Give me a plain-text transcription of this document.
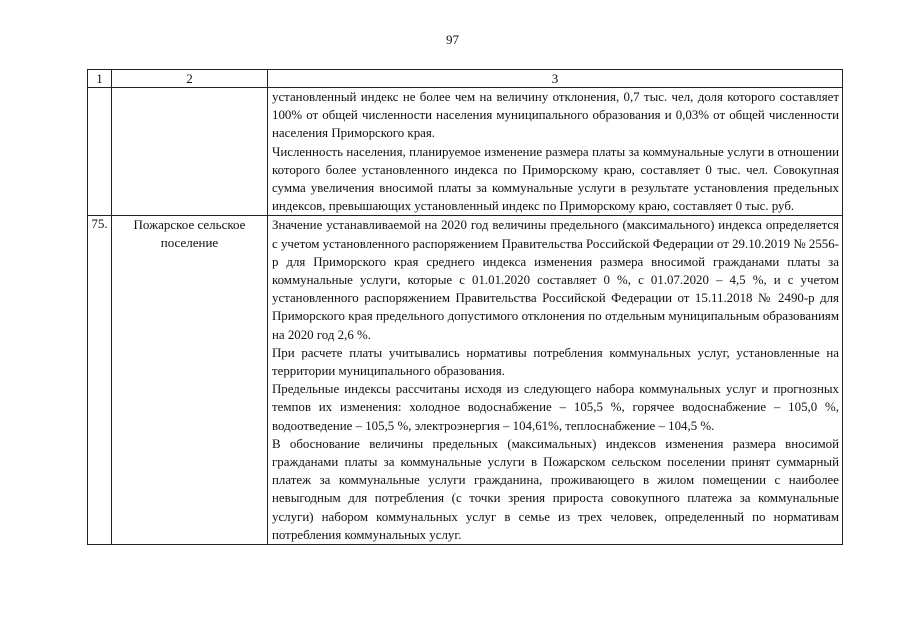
97
1	2	3

		установленный индекс не более чем на величину отклонения, 0,7 тыс. чел, доля которого составляет 100% от общей численности населения муниципального образования и 0,03% от общей численности населения Приморского края.

Численность населения, планируемое изменение размера платы за коммунальные услуги в отношении которого более установленного индекса по Приморскому краю, составляет 0 тыс. чел. Совокупная сумма увеличения вносимой платы за коммунальные услуги в результате установления предельных индексов, превышающих установленный индекс по Приморскому краю, составляет 0 тыс. руб.

75.	Пожарское сельское поселение	Значение устанавливаемой на 2020 год величины предельного (максимального) индекса определяется с учетом установленного распоряжением Правительства Российской Федерации от 29.10.2019 № 2556-р для Приморского края среднего индекса изменения размера вносимой гражданами платы за коммунальные услуги, которые с 01.01.2020 составляет 0 %, с 01.07.2020 – 4,5 %, и с учетом установленного распоряжением Правительства Российской Федерации от 15.11.2018 № 2490-р для Приморского края предельного допустимого отклонения по отдельным муниципальным образованиям на 2020 год 2,6 %.

При расчете платы учитывались нормативы потребления коммунальных услуг, установленные на территории муниципального образования.

Предельные индексы рассчитаны исходя из следующего набора коммунальных услуг и прогнозных темпов их изменения: холодное водоснабжение – 105,5 %, горячее водоснабжение – 105,0 %, водоотведение – 105,5 %, электроэнергия – 104,61%, теплоснабжение – 104,5 %.

В обоснование величины предельных (максимальных) индексов изменения размера вносимой гражданами платы за коммунальные услуги в Пожарском сельском поселении принят суммарный платеж за коммунальные услуги гражданина, проживающего в жилом помещении с наиболее невыгодным для потребления (с точки зрения прироста совокупного платежа за коммунальные услуги) набором коммунальных услуг в семье из трех человек, определенный по нормативам потребления коммунальных услуг.
